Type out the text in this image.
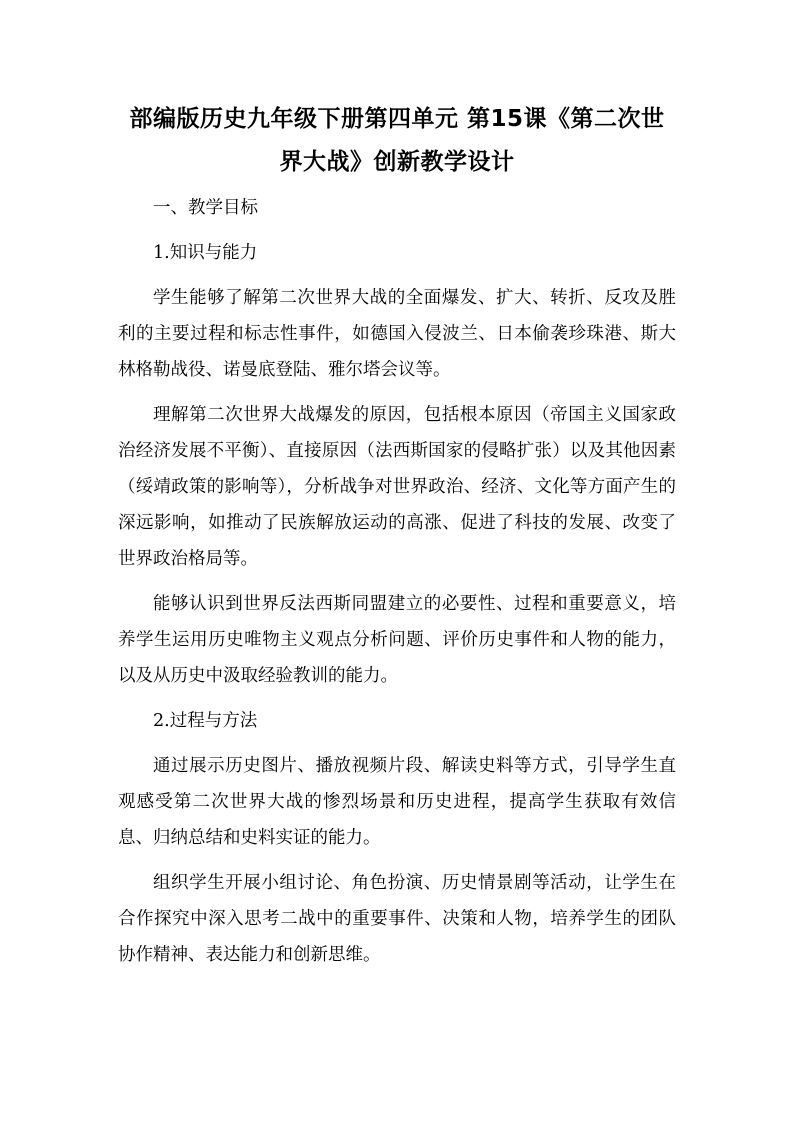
部编版历史九年级下册第四单元 第15课《第二次世界大战》创新教学设计

一、教学目标

1.知识与能力

学生能够了解第二次世界大战的全面爆发、扩大、转折、反攻及胜利的主要过程和标志性事件，如德国入侵波兰、日本偷袭珍珠港、斯大林格勒战役、诺曼底登陆、雅尔塔会议等。

理解第二次世界大战爆发的原因，包括根本原因（帝国主义国家政治经济发展不平衡）、直接原因（法西斯国家的侵略扩张）以及其他因素（绥靖政策的影响等），分析战争对世界政治、经济、文化等方面产生的深远影响，如推动了民族解放运动的高涨、促进了科技的发展、改变了世界政治格局等。

能够认识到世界反法西斯同盟建立的必要性、过程和重要意义，培养学生运用历史唯物主义观点分析问题、评价历史事件和人物的能力，以及从历史中汲取经验教训的能力。

2.过程与方法

通过展示历史图片、播放视频片段、解读史料等方式，引导学生直观感受第二次世界大战的惨烈场景和历史进程，提高学生获取有效信息、归纳总结和史料实证的能力。

组织学生开展小组讨论、角色扮演、历史情景剧等活动，让学生在合作探究中深入思考二战中的重要事件、决策和人物，培养学生的团队协作精神、表达能力和创新思维。
